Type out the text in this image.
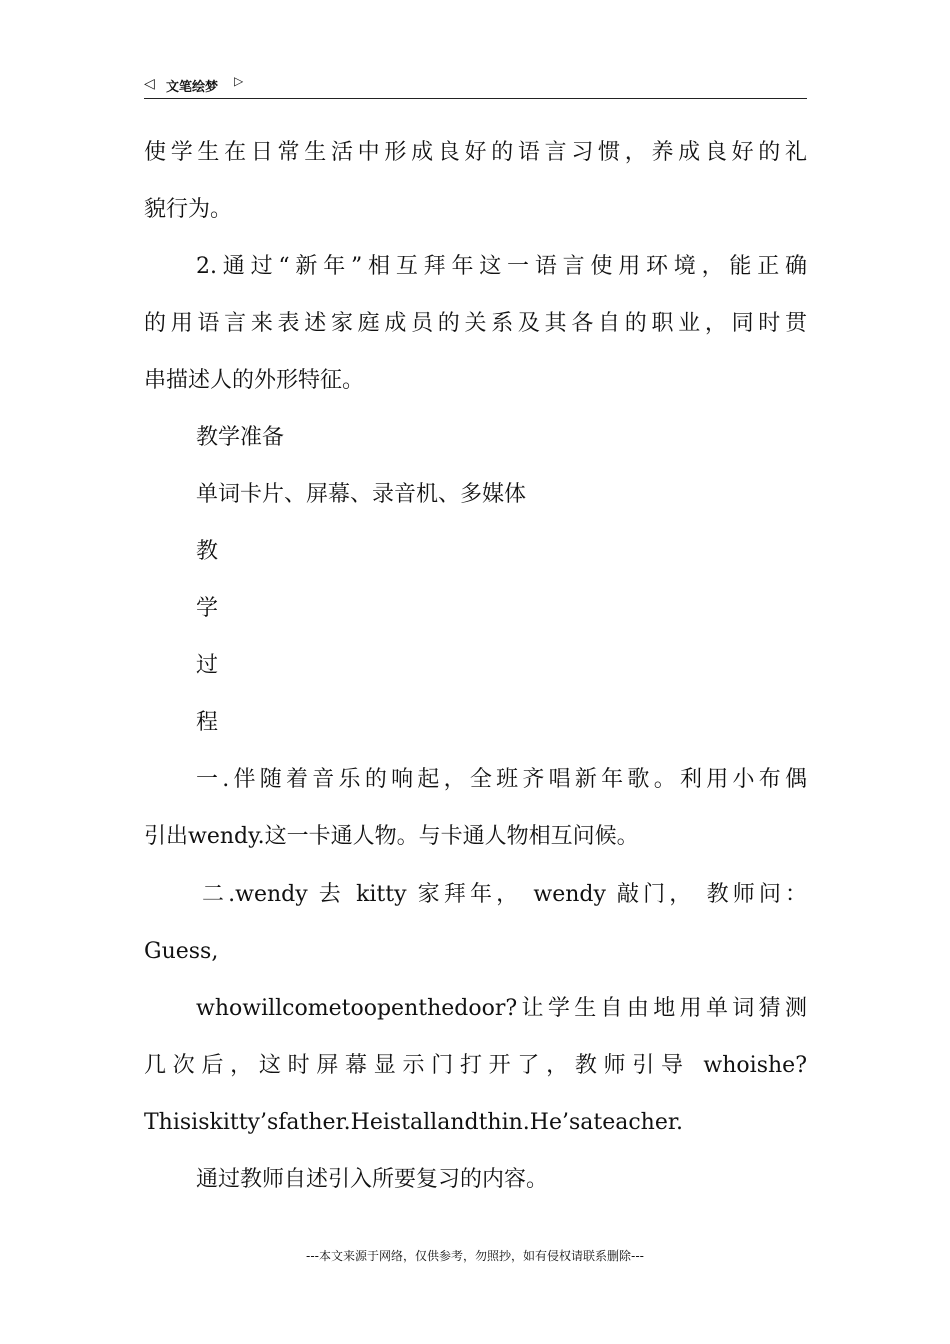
◁ 文笔绘梦 ▷
使学生在日常生活中形成良好的语言习惯，养成良好的礼
貌行为。
2.通过“新年”相互拜年这一语言使用环境，能正确
的用语言来表述家庭成员的关系及其各自的职业，同时贯
串描述人的外形特征。
教学准备
单词卡片、屏幕、录音机、多媒体
教
学
过
程
一.伴随着音乐的响起，全班齐唱新年歌。利用小布偶
引出wendy.这一卡通人物。与卡通人物相互问候。
二.wendy 去 kitty 家拜年， wendy 敲门， 教师问：
Guess,
whowillcometoopenthedoor?让学生自由地用单词猜测
几次后，这时屏幕显示门打开了，教师引导 whoishe?
Thisiskitty’sfather.Heistallandthin.He’sateacher.
通过教师自述引入所要复习的内容。
---本文来源于网络，仅供参考，勿照抄，如有侵权请联系删除---
